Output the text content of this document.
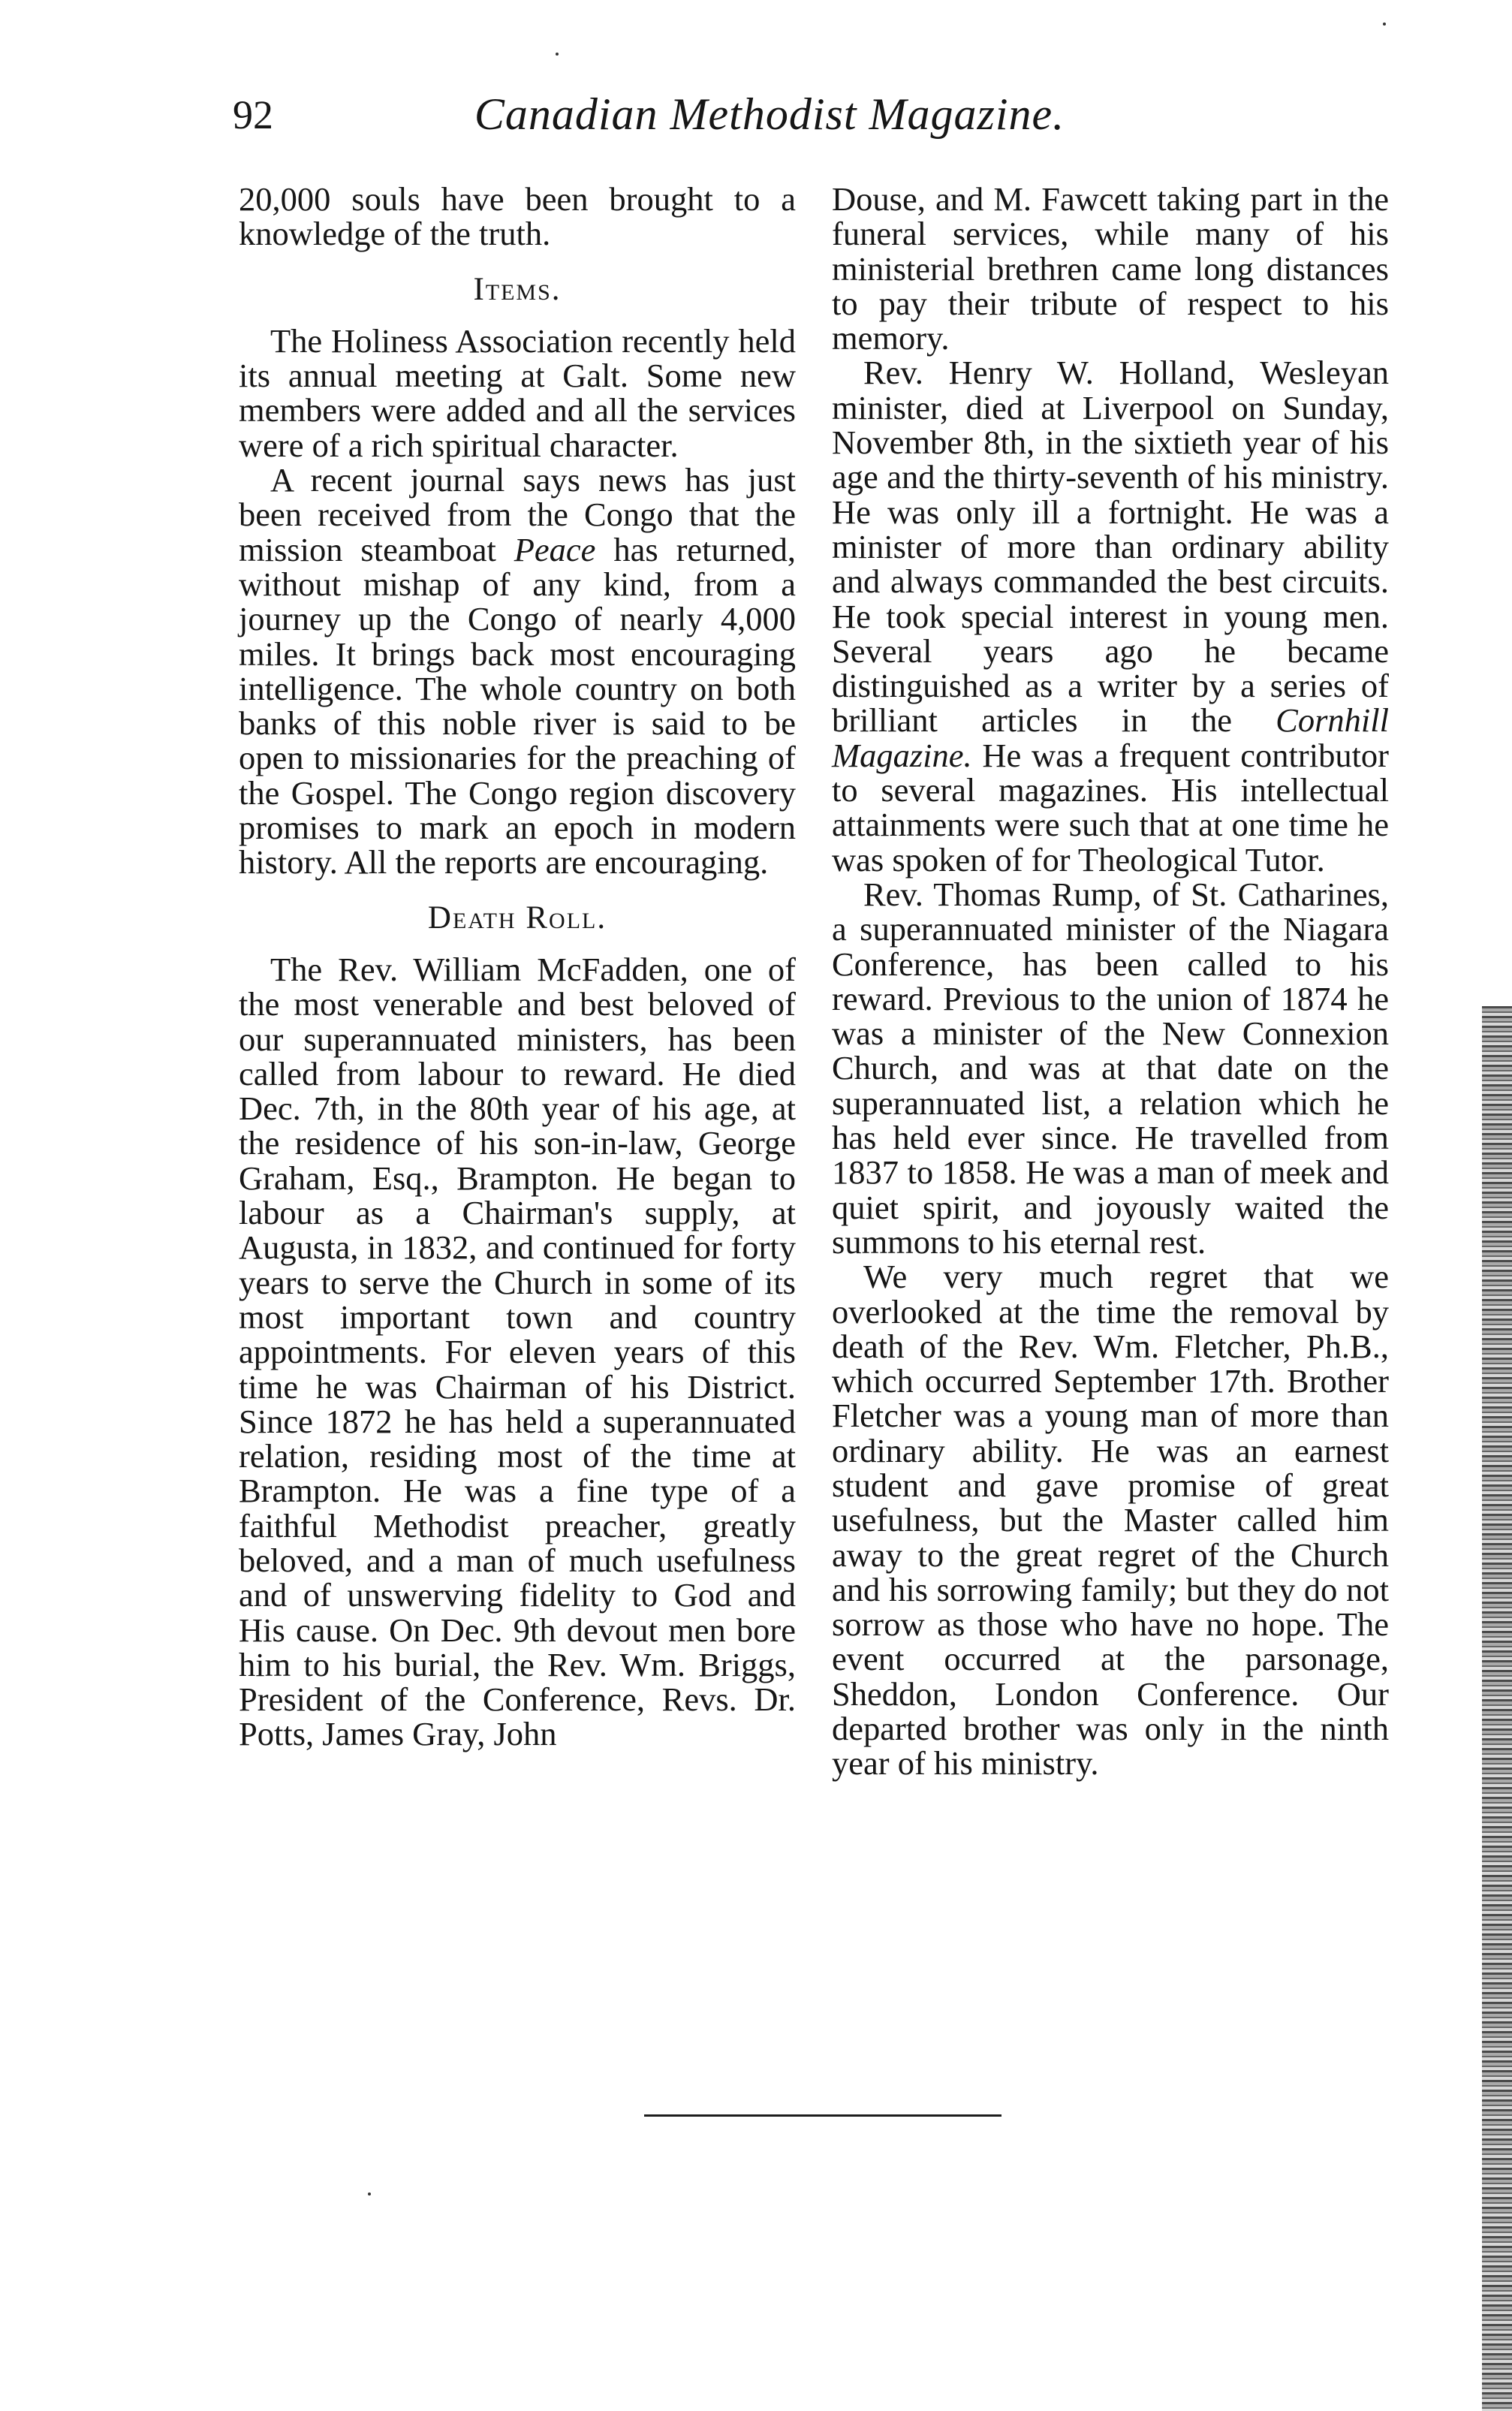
92	Canadian Methodist Magazine.

20,000 souls have been brought to a knowledge of the truth.

Items.

The Holiness Association recently held its annual meeting at Galt. Some new members were added and all the services were of a rich spiritual character.

A recent journal says news has just been received from the Congo that the mission steamboat Peace has returned, without mishap of any kind, from a journey up the Congo of nearly 4,000 miles. It brings back most encouraging intelligence. The whole country on both banks of this noble river is said to be open to missionaries for the preaching of the Gospel. The Congo region discovery promises to mark an epoch in modern history. All the reports are encouraging.

Death Roll.

The Rev. William McFadden, one of the most venerable and best beloved of our superannuated ministers, has been called from labour to reward. He died Dec. 7th, in the 80th year of his age, at the residence of his son-in-law, George Graham, Esq., Brampton. He began to labour as a Chairman's supply, at Augusta, in 1832, and continued for forty years to serve the Church in some of its most important town and country appointments. For eleven years of this time he was Chairman of his District. Since 1872 he has held a superannuated relation, residing most of the time at Brampton. He was a fine type of a faithful Methodist preacher, greatly beloved, and a man of much usefulness and of unswerving fidelity to God and His cause. On Dec. 9th devout men bore him to his burial, the Rev. Wm. Briggs, President of the Conference, Revs. Dr. Potts, James Gray, John

Douse, and M. Fawcett taking part in the funeral services, while many of his ministerial brethren came long distances to pay their tribute of respect to his memory.

Rev. Henry W. Holland, Wesleyan minister, died at Liverpool on Sunday, November 8th, in the sixtieth year of his age and the thirty-seventh of his ministry. He was only ill a fortnight. He was a minister of more than ordinary ability and always commanded the best circuits. He took special interest in young men. Several years ago he became distinguished as a writer by a series of brilliant articles in the Cornhill Magazine. He was a frequent contributor to several magazines. His intellectual attainments were such that at one time he was spoken of for Theological Tutor.

Rev. Thomas Rump, of St. Catharines, a superannuated minister of the Niagara Conference, has been called to his reward. Previous to the union of 1874 he was a minister of the New Connexion Church, and was at that date on the superannuated list, a relation which he has held ever since. He travelled from 1837 to 1858. He was a man of meek and quiet spirit, and joyously waited the summons to his eternal rest.

We very much regret that we overlooked at the time the removal by death of the Rev. Wm. Fletcher, Ph.B., which occurred September 17th. Brother Fletcher was a young man of more than ordinary ability. He was an earnest student and gave promise of great usefulness, but the Master called him away to the great regret of the Church and his sorrowing family; but they do not sorrow as those who have no hope. The event occurred at the parsonage, Sheddon, London Conference. Our departed brother was only in the ninth year of his ministry.
